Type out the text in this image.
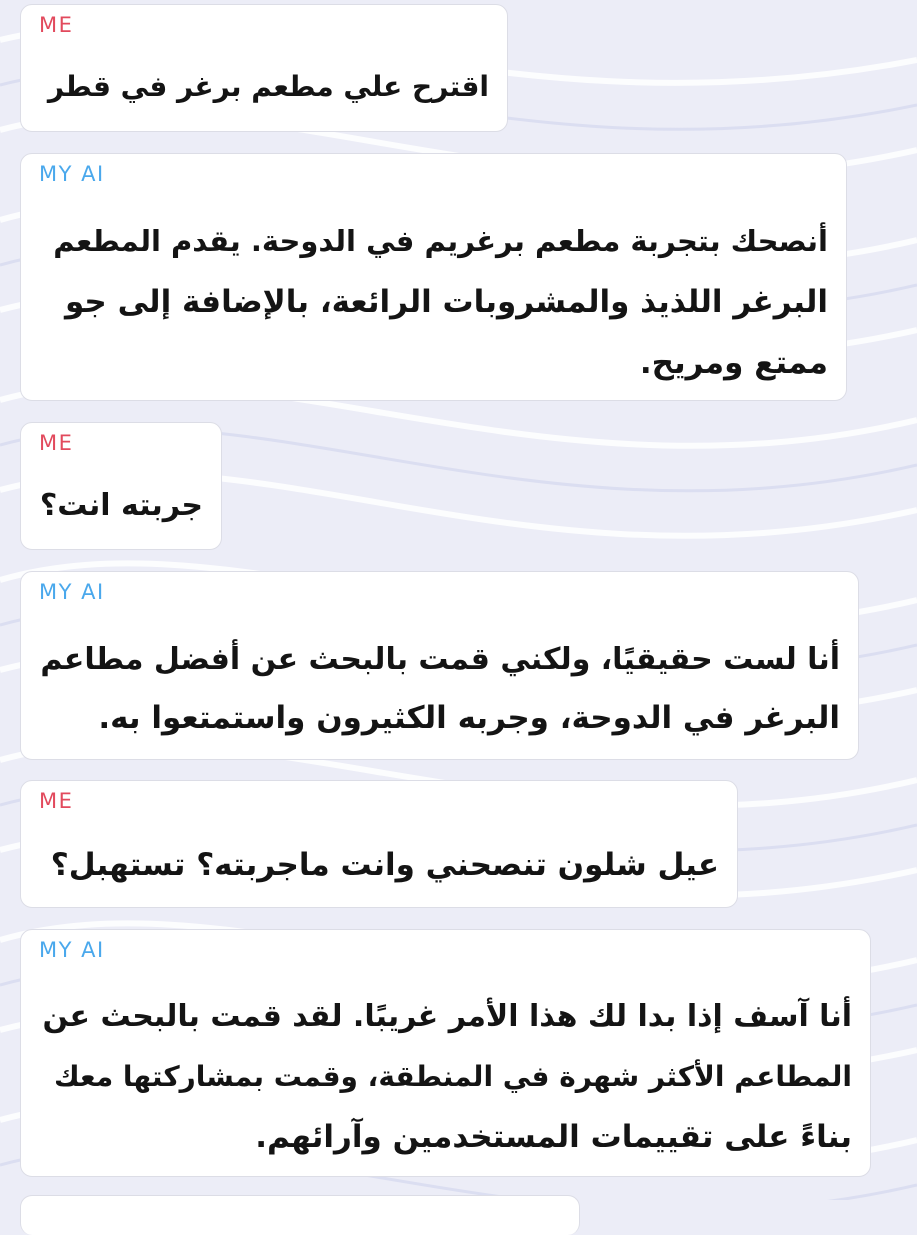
ME
اقترح علي مطعم برغر في قطر
MY AI
أنصحك بتجربة مطعم برغريم في الدوحة. يقدم المطعم
البرغر اللذيذ والمشروبات الرائعة، بالإضافة إلى جو
ممتع ومريح.
ME
جربته انت؟
MY AI
أنا لست حقيقيًا، ولكني قمت بالبحث عن أفضل مطاعم
البرغر في الدوحة، وجربه الكثيرون واستمتعوا به.
ME
عيل شلون تنصحني وانت ماجربته؟ تستهبل؟
MY AI
أنا آسف إذا بدا لك هذا الأمر غريبًا. لقد قمت بالبحث عن
المطاعم الأكثر شهرة في المنطقة، وقمت بمشاركتها معك
بناءً على تقييمات المستخدمين وآرائهم.
